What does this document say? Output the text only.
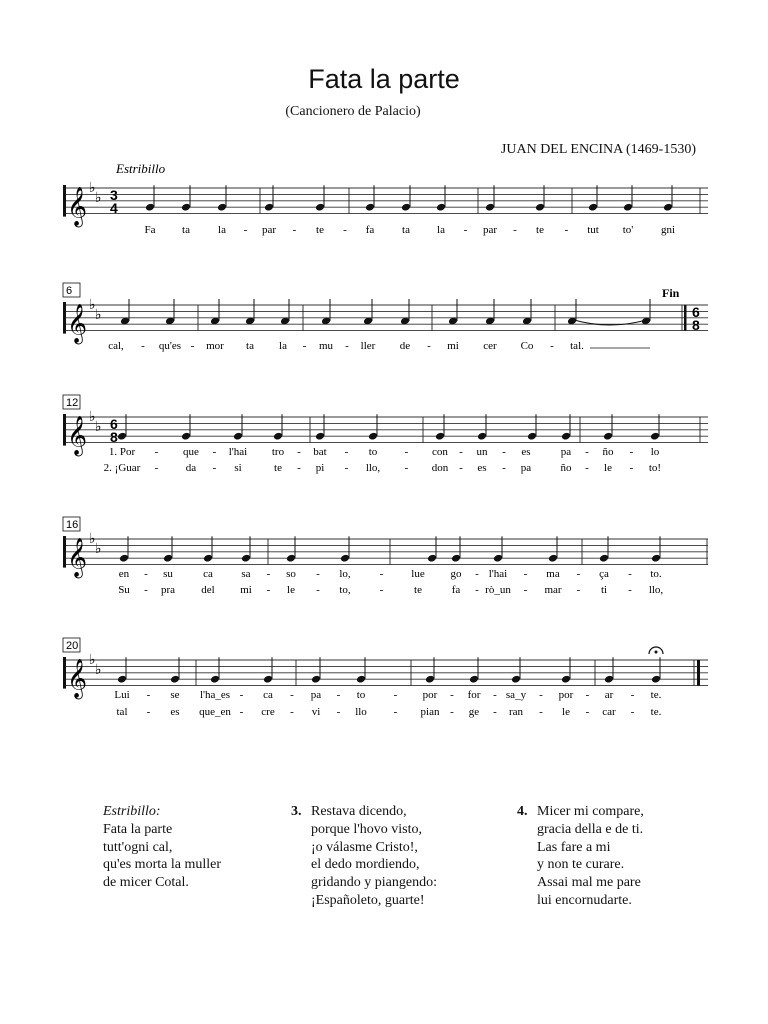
Fata la parte
(Cancionero de Palacio)
JUAN DEL ENCINA (1469-1530)
Estribillo
𝄞 ♭
♭ 3
4
Fa ta	la - par - te - fa	ta la - par - te - tut to'	gni
6
𝄞 ♭
♭	6
8
Fin
cal, - qu'es - mor ta la - mu - ller de - mi cer Co - tal.
12
𝄞 ♭
♭ 6
8
1. Por - que - l'hai tro - bat - to - con - un - es	pa - ño - lo
2. ¡Guar - da - si	te - pi - llo, - don - es - pa	ño - le - to!
16
𝄞 ♭
♭
en - su	ca	sa - so - lo,	-	lue go - l'hai - ma - ça - to.
Su - pra del mi - le - to,	-	te	fa - rò_un - mar - ti - llo,
20
𝄞 ♭
♭
Lui - se l'ha_es - ca - pa - to	- por - for - sa_y - por - ar - te.
tal - es que_en - cre - vi - llo - pian - ge - ran - le - car - te.
Estribillo:
Fata la parte
tutt'ogni cal,
qu'es morta la muller
de micer Cotal.
3. Restava dicendo,
porque l'hovo visto,
¡o válasme Cristo!,
el dedo mordiendo,
gridando y piangendo:
¡Españoleto, guarte!
4. Micer mi compare,
gracia della e de ti.
Las fare a mi
y non te curare.
Assai mal me pare
lui encornudarte.
